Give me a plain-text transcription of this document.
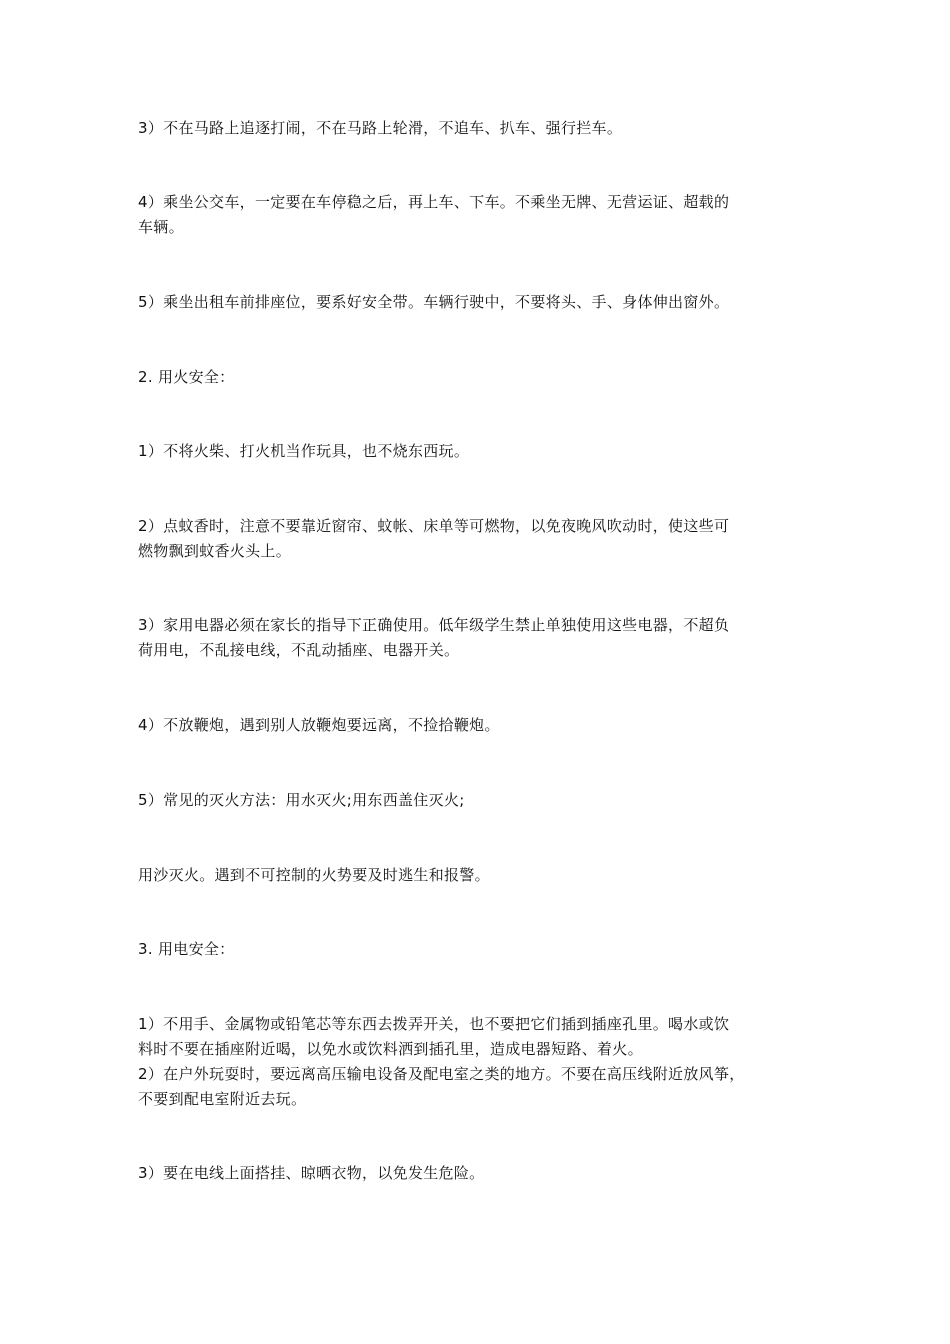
3）不在马路上追逐打闹，不在马路上轮滑，不追车、扒车、强行拦车。

4）乘坐公交车，一定要在车停稳之后，再上车、下车。不乘坐无牌、无营运证、超载的
车辆。

5）乘坐出租车前排座位，要系好安全带。车辆行驶中，不要将头、手、身体伸出窗外。

2. 用火安全：

1）不将火柴、打火机当作玩具，也不烧东西玩。

2）点蚊香时，注意不要靠近窗帘、蚊帐、床单等可燃物，以免夜晚风吹动时，使这些可
燃物飘到蚊香火头上。

3）家用电器必须在家长的指导下正确使用。低年级学生禁止单独使用这些电器，不超负
荷用电，不乱接电线，不乱动插座、电器开关。

4）不放鞭炮，遇到别人放鞭炮要远离，不捡拾鞭炮。

5）常见的灭火方法：用水灭火;用东西盖住灭火;

用沙灭火。遇到不可控制的火势要及时逃生和报警。

3. 用电安全：

1）不用手、金属物或铅笔芯等东西去拨弄开关，也不要把它们插到插座孔里。喝水或饮
料时不要在插座附近喝，以免水或饮料洒到插孔里，造成电器短路、着火。
2）在户外玩耍时，要远离高压输电设备及配电室之类的地方。不要在高压线附近放风筝，
不要到配电室附近去玩。

3）要在电线上面搭挂、晾晒衣物，以免发生危险。
